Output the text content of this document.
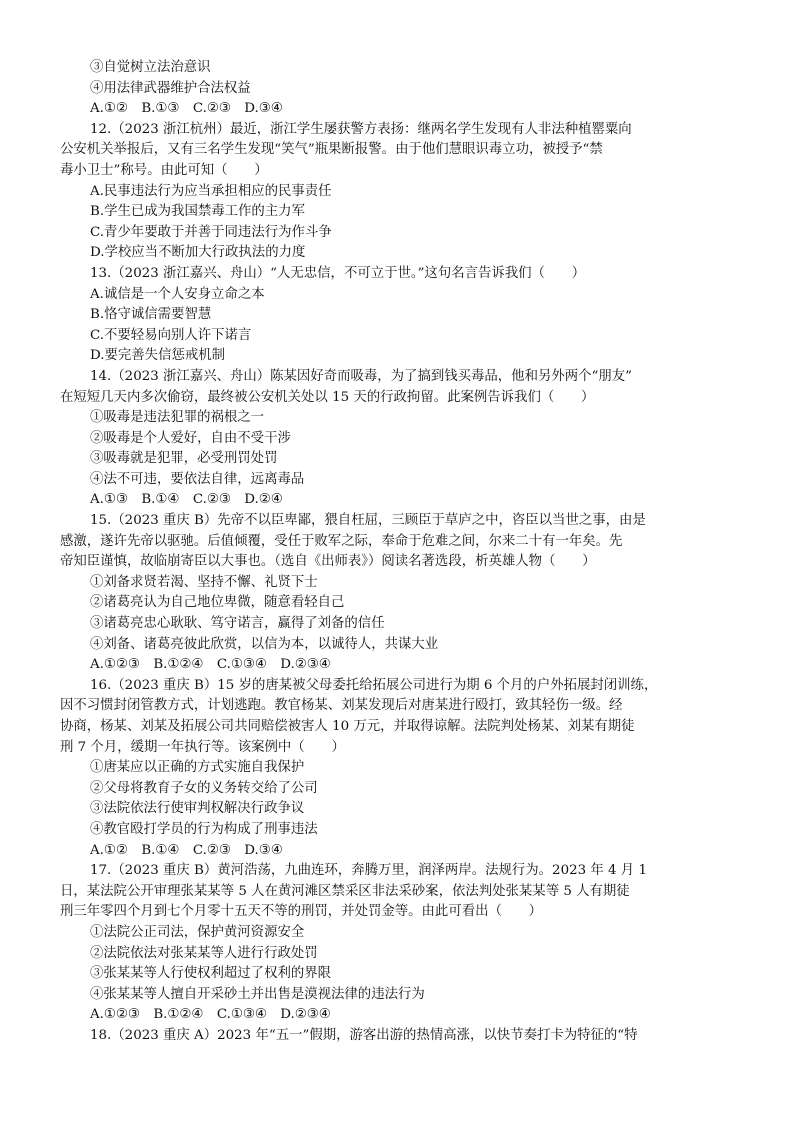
③自觉树立法治意识
④用法律武器维护合法权益
A.①②　B.①③　C.②③　D.③④
12.（2023 浙江杭州）最近，浙江学生屡获警方表扬：继两名学生发现有人非法种植罂粟向
公安机关举报后，又有三名学生发现“笑气”瓶果断报警。由于他们慧眼识毒立功，被授予“禁
毒小卫士”称号。由此可知（　　）
A.民事违法行为应当承担相应的民事责任
B.学生已成为我国禁毒工作的主力军
C.青少年要敢于并善于同违法行为作斗争
D.学校应当不断加大行政执法的力度
13.（2023 浙江嘉兴、舟山）“人无忠信，不可立于世。”这句名言告诉我们（　　）
A.诚信是一个人安身立命之本
B.恪守诚信需要智慧
C.不要轻易向别人许下诺言
D.要完善失信惩戒机制
14.（2023 浙江嘉兴、舟山）陈某因好奇而吸毒，为了搞到钱买毒品，他和另外两个“朋友”
在短短几天内多次偷窃，最终被公安机关处以 15 天的行政拘留。此案例告诉我们（　　）
①吸毒是违法犯罪的祸根之一
②吸毒是个人爱好，自由不受干涉
③吸毒就是犯罪，必受刑罚处罚
④法不可违，要依法自律，远离毒品
A.①③　B.①④　C.②③　D.②④
15.（2023 重庆 B）先帝不以臣卑鄙，猥自枉屈，三顾臣于草庐之中，咨臣以当世之事，由是
感激，遂许先帝以驱驰。后值倾覆，受任于败军之际，奉命于危难之间，尔来二十有一年矣。先
帝知臣谨慎，故临崩寄臣以大事也。（选自《出师表》）阅读名著选段，析英雄人物（　　）
①刘备求贤若渴、坚持不懈、礼贤下士
②诸葛亮认为自己地位卑微，随意看轻自己
③诸葛亮忠心耿耿、笃守诺言，赢得了刘备的信任
④刘备、诸葛亮彼此欣赏，以信为本，以诚待人，共谋大业
A.①②③　B.①②④　C.①③④　D.②③④
16.（2023 重庆 B）15 岁的唐某被父母委托给拓展公司进行为期 6 个月的户外拓展封闭训练，
因不习惯封闭管教方式，计划逃跑。教官杨某、刘某发现后对唐某进行殴打，致其轻伤一级。经
协商，杨某、刘某及拓展公司共同赔偿被害人 10 万元，并取得谅解。法院判处杨某、刘某有期徒
刑 7 个月，缓期一年执行等。该案例中（　　）
①唐某应以正确的方式实施自我保护
②父母将教育子女的义务转交给了公司
③法院依法行使审判权解决行政争议
④教官殴打学员的行为构成了刑事违法
A.①②　B.①④　C.②③　D.③④
17.（2023 重庆 B）黄河浩荡，九曲连环，奔腾万里，润泽两岸。法规行为。2023 年 4 月 1
日，某法院公开审理张某某等 5 人在黄河滩区禁采区非法采砂案，依法判处张某某等 5 人有期徒
刑三年零四个月到七个月零十五天不等的刑罚，并处罚金等。由此可看出（　　）
①法院公正司法，保护黄河资源安全
②法院依法对张某某等人进行行政处罚
③张某某等人行使权利超过了权利的界限
④张某某等人擅自开采砂土并出售是漠视法律的违法行为
A.①②③　B.①②④　C.①③④　D.②③④
18.（2023 重庆 A）2023 年“五一”假期，游客出游的热情高涨，以快节奏打卡为特征的“特
